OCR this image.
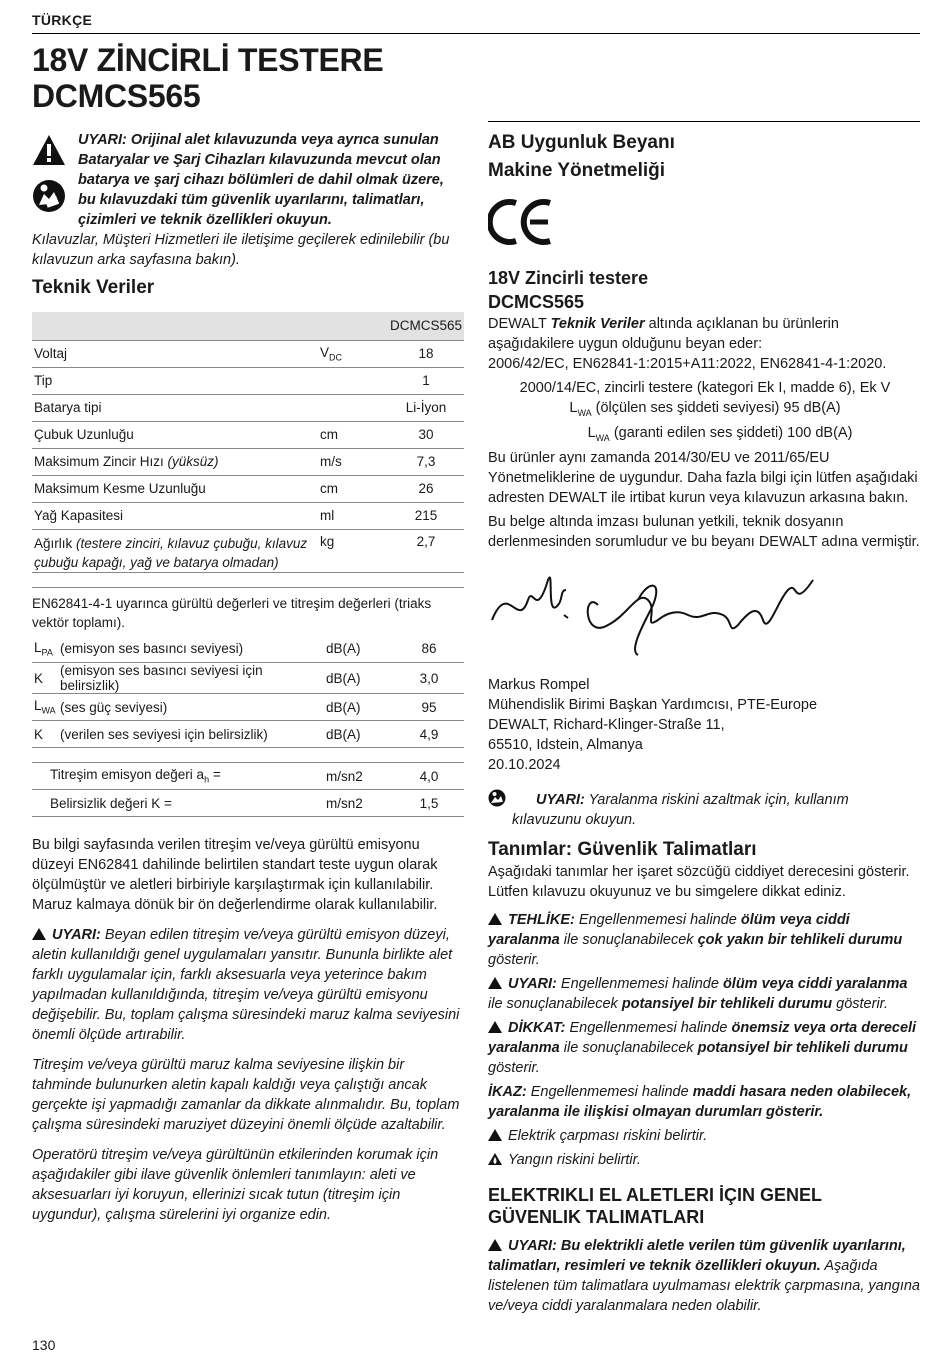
TÜRKÇE
18V ZİNCİRLİ TESTERE
DCMCS565

UYARI: Orijinal alet kılavuzunda veya ayrıca sunulan Bataryalar ve Şarj Cihazları kılavuzunda mevcut olan batarya ve şarj cihazı bölümleri de dahil olmak üzere, bu kılavuzdaki tüm güvenlik uyarılarını, talimatları, çizimleri ve teknik özellikleri okuyun.

Kılavuzlar, Müşteri Hizmetleri ile iletişime geçilerek edinilebilir (bu kılavuzun arka sayfasına bakın).

Teknik Veriler
		DCMCS565
Voltaj	$V_{DC}$	18
Tip		1
Batarya tipi		Li-İyon
Çubuk Uzunluğu	cm	30
Maksimum Zincir Hızı (yüksüz)	m/s	7,3
Maksimum Kesme Uzunluğu	cm	26
Yağ Kapasitesi	ml	215
Ağırlık (testere zinciri, kılavuz çubuğu, kılavuz çubuğu kapağı, yağ ve batarya olmadan)	kg	2,7
EN62841-4-1 uyarınca gürültü değerleri ve titreşim değerleri (triaks vektör toplamı).
$L_{PA}$	(emisyon ses basıncı seviyesi)	dB(A)	86
K	(emisyon ses basıncı seviyesi için belirsizlik)	dB(A)	3,0
$L_{WA}$	(ses güç seviyesi)	dB(A)	95
K	(verilen ses seviyesi için belirsizlik)	dB(A)	4,9
Titreşim emisyon değeri $a_h$ =	m/sn2	4,0
Belirsizlik değeri K =	m/sn2	1,5

Bu bilgi sayfasında verilen titreşim ve/veya gürültü emisyonu düzeyi EN62841 dahilinde belirtilen standart teste uygun olarak ölçülmüştür ve aletleri birbiriyle karşılaştırmak için kullanılabilir. Maruz kalmaya dönük bir ön değerlendirme olarak kullanılabilir.

UYARI: Beyan edilen titreşim ve/veya gürültü emisyon düzeyi, aletin kullanıldığı genel uygulamaları yansıtır. Bununla birlikte alet farklı uygulamalar için, farklı aksesuarla veya yeterince bakım yapılmadan kullanıldığında, titreşim ve/veya gürültü emisyonu değişebilir. Bu, toplam çalışma süresindeki maruz kalma seviyesini önemli ölçüde artırabilir.

Titreşim ve/veya gürültü maruz kalma seviyesine ilişkin bir tahminde bulunurken aletin kapalı kaldığı veya çalıştığı ancak gerçekte işi yapmadığı zamanlar da dikkate alınmalıdır. Bu, toplam çalışma süresindeki maruziyet düzeyini önemli ölçüde azaltabilir.

Operatörü titreşim ve/veya gürültünün etkilerinden korumak için aşağıdakiler gibi ilave güvenlik önlemleri tanımlayın: aleti ve aksesuarları iyi koruyun, ellerinizi sıcak tutun (titreşim için uygundur), çalışma sürelerini iyi organize edin.

AB Uygunluk Beyanı
Makine Yönetmeliği
18V Zincirli testere
DCMCS565

DEWALT Teknik Veriler altında açıklanan bu ürünlerin aşağıdakilere uygun olduğunu beyan eder:

2006/42/EC, EN62841-1:2015+A11:2022, EN62841-4-1:2020.

2000/14/EC, zincirli testere (kategori Ek I, madde 6), Ek V

$L_{WA}$ (ölçülen ses şiddeti seviyesi) 95 dB(A)

$L_{WA}$ (garanti edilen ses şiddeti) 100 dB(A)

Bu ürünler aynı zamanda 2014/30/EU ve 2011/65/EU Yönetmeliklerine de uygundur. Daha fazla bilgi için lütfen aşağıdaki adresten DEWALT ile irtibat kurun veya kılavuzun arkasına bakın.

Bu belge altında imzası bulunan yetkili, teknik dosyanın derlenmesinden sorumludur ve bu beyanı DEWALT adına vermiştir.

Markus Rompel

Mühendislik Birimi Başkan Yardımcısı, PTE-Europe

DEWALT, Richard-Klinger-Straße 11,

65510, Idstein, Almanya

20.10.2024

UYARI: Yaralanma riskini azaltmak için, kullanım kılavuzunu okuyun.

Tanımlar: Güvenlik Talimatları

Aşağıdaki tanımlar her işaret sözcüğü ciddiyet derecesini gösterir. Lütfen kılavuzu okuyunuz ve bu simgelere dikkat ediniz.

TEHLİKE: Engellenmemesi halinde ölüm veya ciddi yaralanma ile sonuçlanabilecek çok yakın bir tehlikeli durumu gösterir.

UYARI: Engellenmemesi halinde ölüm veya ciddi yaralanma ile sonuçlanabilecek potansiyel bir tehlikeli durumu gösterir.

DİKKAT: Engellenmemesi halinde önemsiz veya orta dereceli yaralanma ile sonuçlanabilecek potansiyel bir tehlikeli durumu gösterir.

İKAZ: Engellenmemesi halinde maddi hasara neden olabilecek, yaralanma ile ilişkisi olmayan durumları gösterir.

Elektrik çarpması riskini belirtir.

Yangın riskini belirtir.

ELEKTRIKLI EL ALETLERI İÇIN GENEL
GÜVENLIK TALIMATLARI

UYARI: Bu elektrikli aletle verilen tüm güvenlik uyarılarını, talimatları, resimleri ve teknik özellikleri okuyun. Aşağıda listelenen tüm talimatlara uyulmaması elektrik çarpmasına, yangına ve/veya ciddi yaralanmalara neden olabilir.

130
